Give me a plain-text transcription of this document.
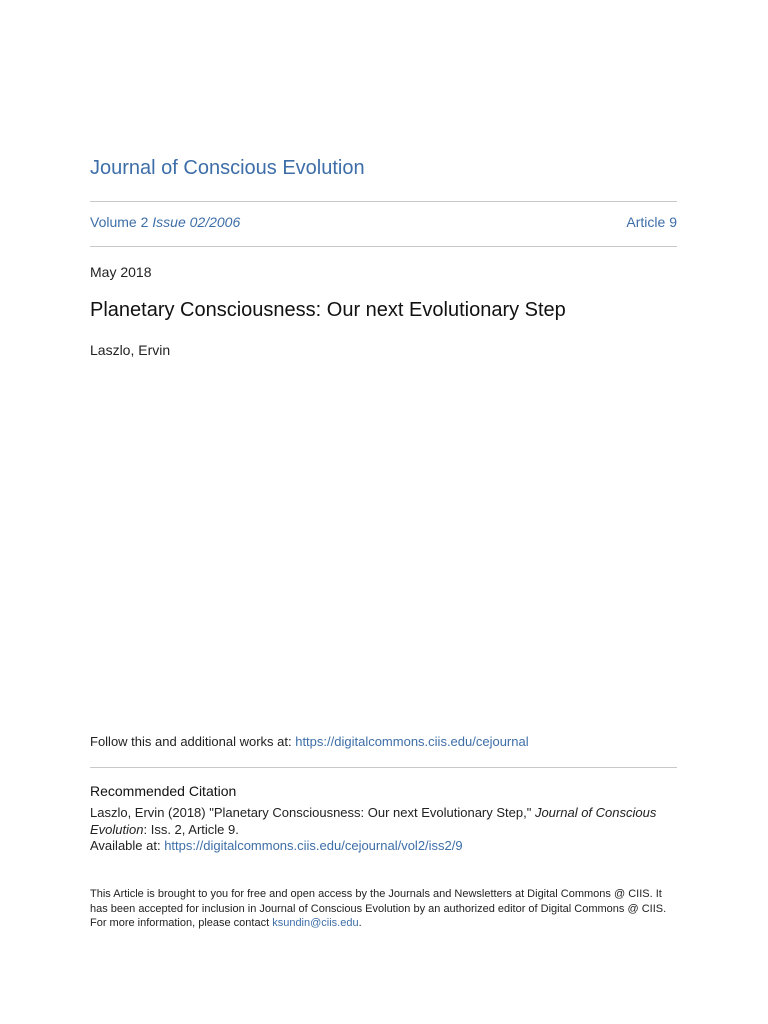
Journal of Conscious Evolution
Volume 2 Issue 02/2006	Article 9
May 2018
Planetary Consciousness: Our next Evolutionary Step
Laszlo, Ervin
Follow this and additional works at: https://digitalcommons.ciis.edu/cejournal
Recommended Citation
Laszlo, Ervin (2018) "Planetary Consciousness: Our next Evolutionary Step," Journal of Conscious Evolution: Iss. 2, Article 9.
Available at: https://digitalcommons.ciis.edu/cejournal/vol2/iss2/9
This Article is brought to you for free and open access by the Journals and Newsletters at Digital Commons @ CIIS. It has been accepted for inclusion in Journal of Conscious Evolution by an authorized editor of Digital Commons @ CIIS. For more information, please contact ksundin@ciis.edu.
